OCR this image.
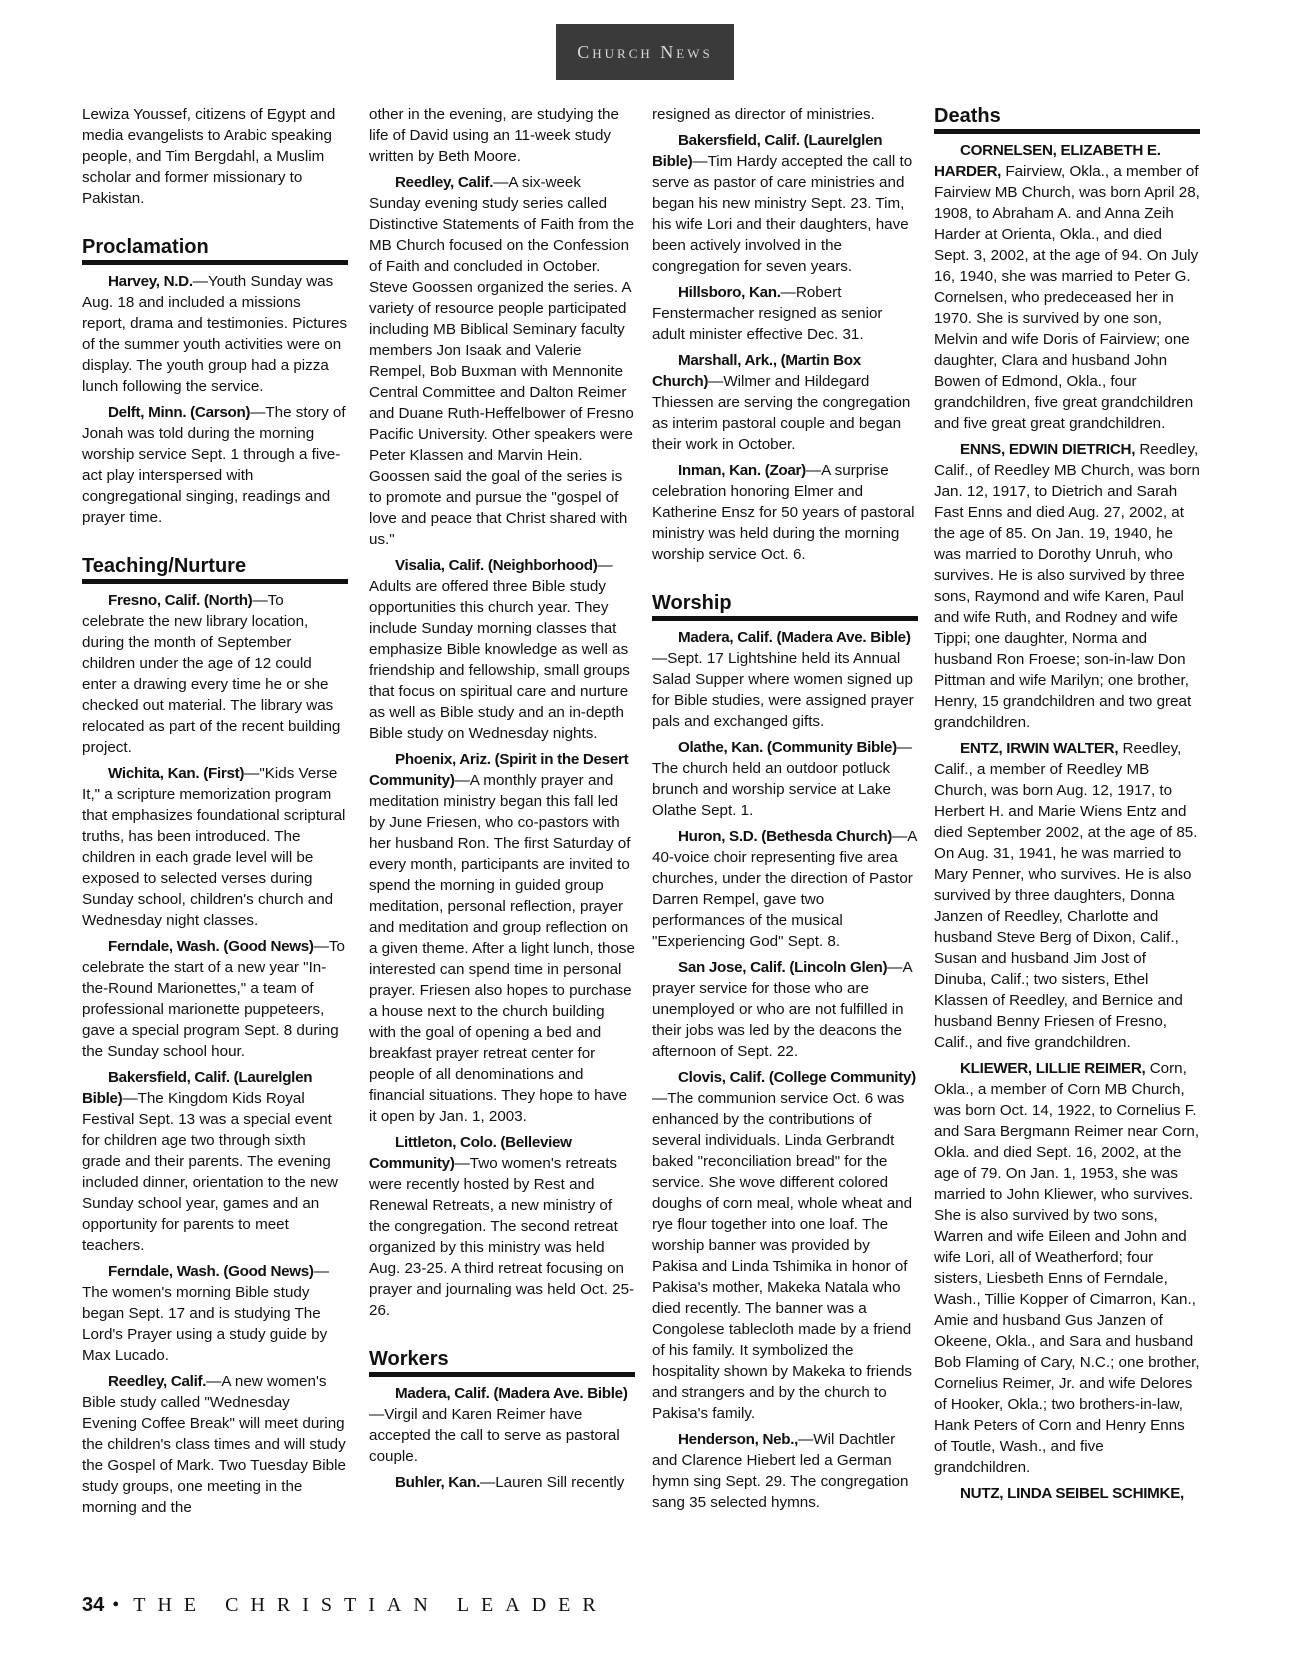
Church News

Lewiza Youssef, citizens of Egypt and media evangelists to Arabic speaking people, and Tim Bergdahl, a Muslim scholar and former missionary to Pakistan.

Proclamation

Harvey, N.D.—Youth Sunday was Aug. 18 and included a missions report, drama and testimonies. Pictures of the summer youth activities were on display. The youth group had a pizza lunch following the service.

Delft, Minn. (Carson)—The story of Jonah was told during the morning worship service Sept. 1 through a five-act play interspersed with congregational singing, readings and prayer time.

Teaching/Nurture

Fresno, Calif. (North)—To celebrate the new library location, during the month of September children under the age of 12 could enter a drawing every time he or she checked out material. The library was relocated as part of the recent building project.

Wichita, Kan. (First)—"Kids Verse It," a scripture memorization program that emphasizes foundational scriptural truths, has been introduced. The children in each grade level will be exposed to selected verses during Sunday school, children's church and Wednesday night classes.

Ferndale, Wash. (Good News)—To celebrate the start of a new year "In-the-Round Marionettes," a team of professional marionette puppeteers, gave a special program Sept. 8 during the Sunday school hour.

Bakersfield, Calif. (Laurelglen Bible)—The Kingdom Kids Royal Festival Sept. 13 was a special event for children age two through sixth grade and their parents. The evening included dinner, orientation to the new Sunday school year, games and an opportunity for parents to meet teachers.

Ferndale, Wash. (Good News)—The women's morning Bible study began Sept. 17 and is studying The Lord's Prayer using a study guide by Max Lucado.

Reedley, Calif.—A new women's Bible study called "Wednesday Evening Coffee Break" will meet during the children's class times and will study the Gospel of Mark. Two Tuesday Bible study groups, one meeting in the morning and the

other in the evening, are studying the life of David using an 11-week study written by Beth Moore.

Reedley, Calif.—A six-week Sunday evening study series called Distinctive Statements of Faith from the MB Church focused on the Confession of Faith and concluded in October. Steve Goossen organized the series. A variety of resource people participated including MB Biblical Seminary faculty members Jon Isaak and Valerie Rempel, Bob Buxman with Mennonite Central Committee and Dalton Reimer and Duane Ruth-Heffelbower of Fresno Pacific University. Other speakers were Peter Klassen and Marvin Hein. Goossen said the goal of the series is to promote and pursue the "gospel of love and peace that Christ shared with us."

Visalia, Calif. (Neighborhood)—Adults are offered three Bible study opportunities this church year. They include Sunday morning classes that emphasize Bible knowledge as well as friendship and fellowship, small groups that focus on spiritual care and nurture as well as Bible study and an in-depth Bible study on Wednesday nights.

Phoenix, Ariz. (Spirit in the Desert Community)—A monthly prayer and meditation ministry began this fall led by June Friesen, who co-pastors with her husband Ron. The first Saturday of every month, participants are invited to spend the morning in guided group meditation, personal reflection, prayer and meditation and group reflection on a given theme. After a light lunch, those interested can spend time in personal prayer. Friesen also hopes to purchase a house next to the church building with the goal of opening a bed and breakfast prayer retreat center for people of all denominations and financial situations. They hope to have it open by Jan. 1, 2003.

Littleton, Colo. (Belleview Community)—Two women's retreats were recently hosted by Rest and Renewal Retreats, a new ministry of the congregation. The second retreat organized by this ministry was held Aug. 23-25. A third retreat focusing on prayer and journaling was held Oct. 25-26.

Workers

Madera, Calif. (Madera Ave. Bible)—Virgil and Karen Reimer have accepted the call to serve as pastoral couple.

Buhler, Kan.—Lauren Sill recently

resigned as director of ministries.

Bakersfield, Calif. (Laurelglen Bible)—Tim Hardy accepted the call to serve as pastor of care ministries and began his new ministry Sept. 23. Tim, his wife Lori and their daughters, have been actively involved in the congregation for seven years.

Hillsboro, Kan.—Robert Fenstermacher resigned as senior adult minister effective Dec. 31.

Marshall, Ark., (Martin Box Church)—Wilmer and Hildegard Thiessen are serving the congregation as interim pastoral couple and began their work in October.

Inman, Kan. (Zoar)—A surprise celebration honoring Elmer and Katherine Ensz for 50 years of pastoral ministry was held during the morning worship service Oct. 6.

Worship

Madera, Calif. (Madera Ave. Bible)—Sept. 17 Lightshine held its Annual Salad Supper where women signed up for Bible studies, were assigned prayer pals and exchanged gifts.

Olathe, Kan. (Community Bible)—The church held an outdoor potluck brunch and worship service at Lake Olathe Sept. 1.

Huron, S.D. (Bethesda Church)—A 40-voice choir representing five area churches, under the direction of Pastor Darren Rempel, gave two performances of the musical "Experiencing God" Sept. 8.

San Jose, Calif. (Lincoln Glen)—A prayer service for those who are unemployed or who are not fulfilled in their jobs was led by the deacons the afternoon of Sept. 22.

Clovis, Calif. (College Community)—The communion service Oct. 6 was enhanced by the contributions of several individuals. Linda Gerbrandt baked "reconciliation bread" for the service. She wove different colored doughs of corn meal, whole wheat and rye flour together into one loaf. The worship banner was provided by Pakisa and Linda Tshimika in honor of Pakisa's mother, Makeka Natala who died recently. The banner was a Congolese tablecloth made by a friend of his family. It symbolized the hospitality shown by Makeka to friends and strangers and by the church to Pakisa's family.

Henderson, Neb.,—Wil Dachtler and Clarence Hiebert led a German hymn sing Sept. 29. The congregation sang 35 selected hymns.

Deaths

CORNELSEN, ELIZABETH E. HARDER, Fairview, Okla., a member of Fairview MB Church, was born April 28, 1908, to Abraham A. and Anna Zeih Harder at Orienta, Okla., and died Sept. 3, 2002, at the age of 94. On July 16, 1940, she was married to Peter G. Cornelsen, who predeceased her in 1970. She is survived by one son, Melvin and wife Doris of Fairview; one daughter, Clara and husband John Bowen of Edmond, Okla., four grandchildren, five great grandchildren and five great great grandchildren.

ENNS, EDWIN DIETRICH, Reedley, Calif., of Reedley MB Church, was born Jan. 12, 1917, to Dietrich and Sarah Fast Enns and died Aug. 27, 2002, at the age of 85. On Jan. 19, 1940, he was married to Dorothy Unruh, who survives. He is also survived by three sons, Raymond and wife Karen, Paul and wife Ruth, and Rodney and wife Tippi; one daughter, Norma and husband Ron Froese; son-in-law Don Pittman and wife Marilyn; one brother, Henry, 15 grandchildren and two great grandchildren.

ENTZ, IRWIN WALTER, Reedley, Calif., a member of Reedley MB Church, was born Aug. 12, 1917, to Herbert H. and Marie Wiens Entz and died September 2002, at the age of 85. On Aug. 31, 1941, he was married to Mary Penner, who survives. He is also survived by three daughters, Donna Janzen of Reedley, Charlotte and husband Steve Berg of Dixon, Calif., Susan and husband Jim Jost of Dinuba, Calif.; two sisters, Ethel Klassen of Reedley, and Bernice and husband Benny Friesen of Fresno, Calif., and five grandchildren.

KLIEWER, LILLIE REIMER, Corn, Okla., a member of Corn MB Church, was born Oct. 14, 1922, to Cornelius F. and Sara Bergmann Reimer near Corn, Okla. and died Sept. 16, 2002, at the age of 79. On Jan. 1, 1953, she was married to John Kliewer, who survives. She is also survived by two sons, Warren and wife Eileen and John and wife Lori, all of Weatherford; four sisters, Liesbeth Enns of Ferndale, Wash., Tillie Kopper of Cimarron, Kan., Amie and husband Gus Janzen of Okeene, Okla., and Sara and husband Bob Flaming of Cary, N.C.; one brother, Cornelius Reimer, Jr. and wife Delores of Hooker, Okla.; two brothers-in-law, Hank Peters of Corn and Henry Enns of Toutle, Wash., and five grandchildren.

NUTZ, LINDA SEIBEL SCHIMKE,

34 • THE CHRISTIAN LEADER
